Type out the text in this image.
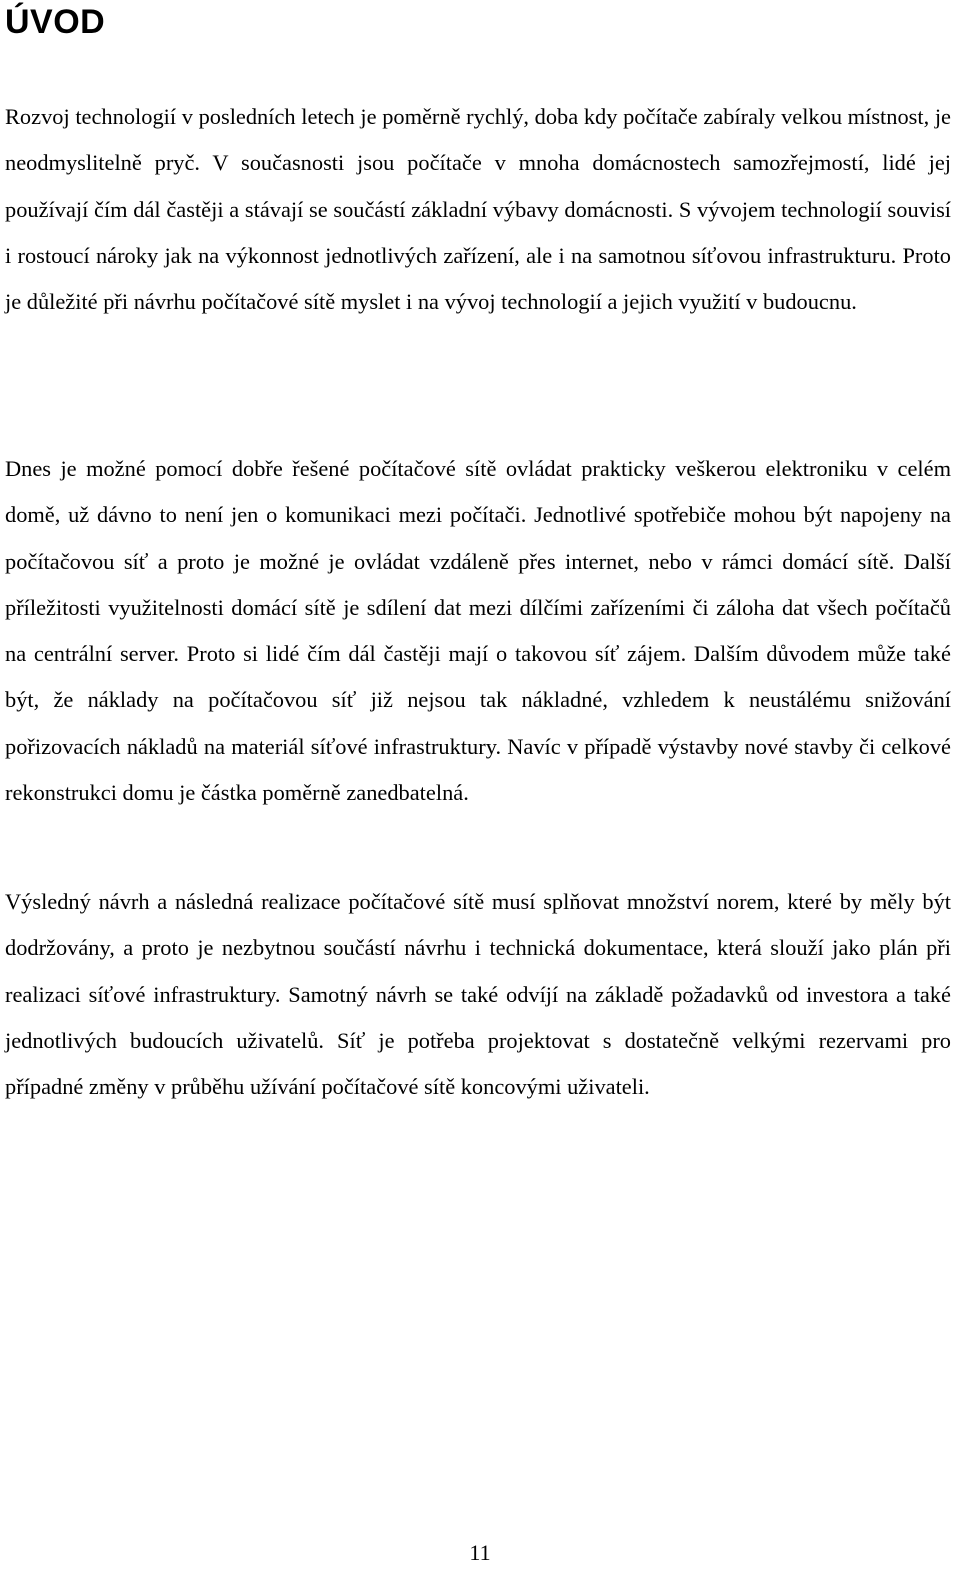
ÚVOD

Rozvoj technologií v posledních letech je poměrně rychlý, doba kdy počítače zabíraly velkou místnost, je neodmyslitelně pryč. V současnosti jsou počítače v mnoha domácnostech samozřejmostí, lidé jej používají čím dál častěji a stávají se součástí základní výbavy domácnosti. S vývojem technologií souvisí i rostoucí nároky jak na výkonnost jednotlivých zařízení, ale i na samotnou síťovou infrastrukturu. Proto je důležité při návrhu počítačové sítě myslet i na vývoj technologií a jejich využití v budoucnu.

Dnes je možné pomocí dobře řešené počítačové sítě ovládat prakticky veškerou elektroniku v celém domě, už dávno to není jen o komunikaci mezi počítači. Jednotlivé spotřebiče mohou být napojeny na počítačovou síť a proto je možné je ovládat vzdáleně přes internet, nebo v rámci domácí sítě. Další příležitosti využitelnosti domácí sítě je sdílení dat mezi dílčími zařízeními či záloha dat všech počítačů na centrální server. Proto si lidé čím dál častěji mají o takovou síť zájem. Dalším důvodem může také být, že náklady na počítačovou síť již nejsou tak nákladné, vzhledem k neustálému snižování pořizovacích nákladů na materiál síťové infrastruktury. Navíc v případě výstavby nové stavby či celkové rekonstrukci domu je částka poměrně zanedbatelná.

Výsledný návrh a následná realizace počítačové sítě musí splňovat množství norem, které by měly být dodržovány, a proto je nezbytnou součástí návrhu i technická dokumentace, která slouží jako plán při realizaci síťové infrastruktury. Samotný návrh se také odvíjí na základě požadavků od investora a také jednotlivých budoucích uživatelů. Síť je potřeba projektovat s dostatečně velkými rezervami pro případné změny v průběhu užívání počítačové sítě koncovými uživateli.

11
